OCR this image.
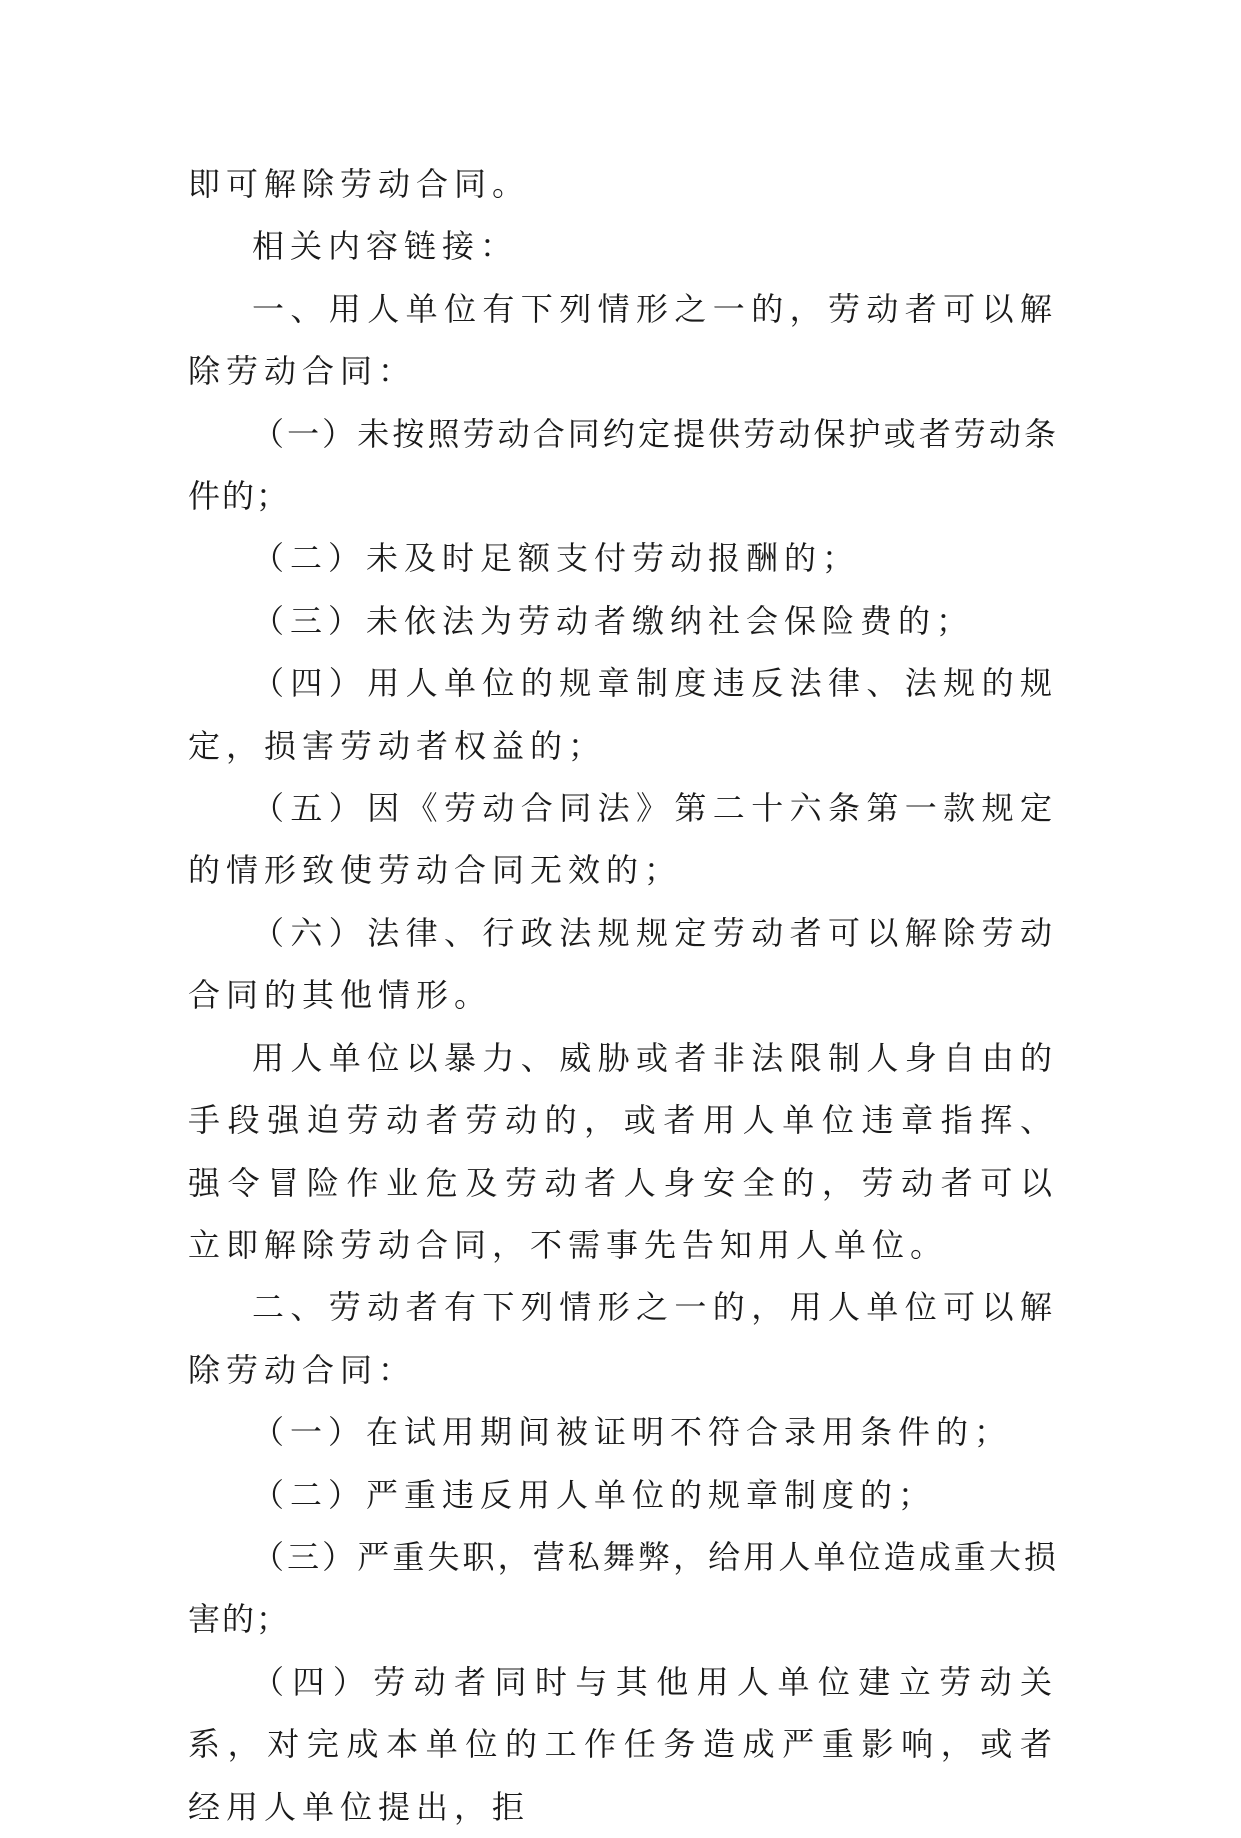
即可解除劳动合同。

相关内容链接：

一、用人单位有下列情形之一的，劳动者可以解除劳动合同：

（一）未按照劳动合同约定提供劳动保护或者劳动条件的；

（二）未及时足额支付劳动报酬的；

（三）未依法为劳动者缴纳社会保险费的；

（四）用人单位的规章制度违反法律、法规的规定，损害劳动者权益的；

（五）因《劳动合同法》第二十六条第一款规定的情形致使劳动合同无效的；

（六）法律、行政法规规定劳动者可以解除劳动合同的其他情形。

用人单位以暴力、威胁或者非法限制人身自由的手段强迫劳动者劳动的，或者用人单位违章指挥、强令冒险作业危及劳动者人身安全的，劳动者可以立即解除劳动合同，不需事先告知用人单位。

二、劳动者有下列情形之一的，用人单位可以解除劳动合同：

（一）在试用期间被证明不符合录用条件的；

（二）严重违反用人单位的规章制度的；

（三）严重失职，营私舞弊，给用人单位造成重大损害的；

（四）劳动者同时与其他用人单位建立劳动关系，对完成本单位的工作任务造成严重影响，或者经用人单位提出，拒
